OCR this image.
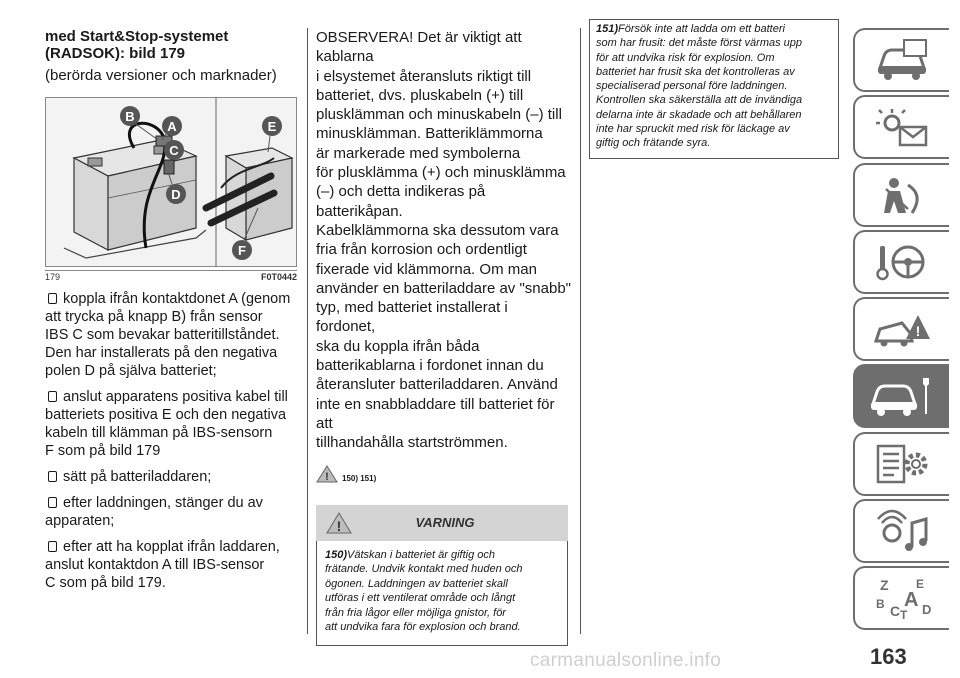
med Start&Stop-systemet
(RADSOK): bild 179
(berörda versioner och marknader)
B
A
C
D
E
F
179	F0T0442
koppla ifrån kontaktdonet A (genom
att trycka på knapp B) från sensor
IBS C som bevakar batteritillståndet.
Den har installerats på den negativa
polen D på själva batteriet;
anslut apparatens positiva kabel till
batteriets positiva E och den negativa
kabeln till klämman på IBS-sensorn
F som på bild 179
sätt på batteriladdaren;
efter laddningen, stänger du av
apparaten;
efter att ha kopplat ifrån laddaren,
anslut kontaktdon A till IBS-sensor
C som på bild 179.
OBSERVERA! Det är viktigt att kablarna
i elsystemet återansluts riktigt till
batteriet, dvs. pluskabeln (+) till
plusklämman och minuskabeln (–) till
minusklämman. Batteriklämmorna
är markerade med symbolerna
för plusklämma (+) och minusklämma
(–) och detta indikeras på batterikåpan.
Kabelklämmorna ska dessutom vara
fria från korrosion och ordentligt
fixerade vid klämmorna. Om man
använder en batteriladdare av "snabb"
typ, med batteriet installerat i fordonet,
ska du koppla ifrån båda
batterikablarna i fordonet innan du
återansluter batteriladdaren. Använd
inte en snabbladdare till batteriet för att
tillhandahålla startströmmen.
! 150) 151)
!	VARNING
150)Vätskan i batteriet är giftig och
frätande. Undvik kontakt med huden och
ögonen. Laddningen av batteriet skall
utföras i ett ventilerat område och långt
från fria lågor eller möjliga gnistor, för
att undvika fara för explosion och brand.
151)Försök inte att ladda om ett batteri
som har frusit: det måste först värmas upp
för att undvika risk för explosion. Om
batteriet har frusit ska det kontrolleras av
specialiserad personal före laddningen.
Kontrollen ska säkerställa att de invändiga
delarna inte är skadade och att behållaren
inte har spruckit med risk för läckage av
giftig och frätande syra.
!
Z E
A
B C T D
carmanualsonline.info	163
